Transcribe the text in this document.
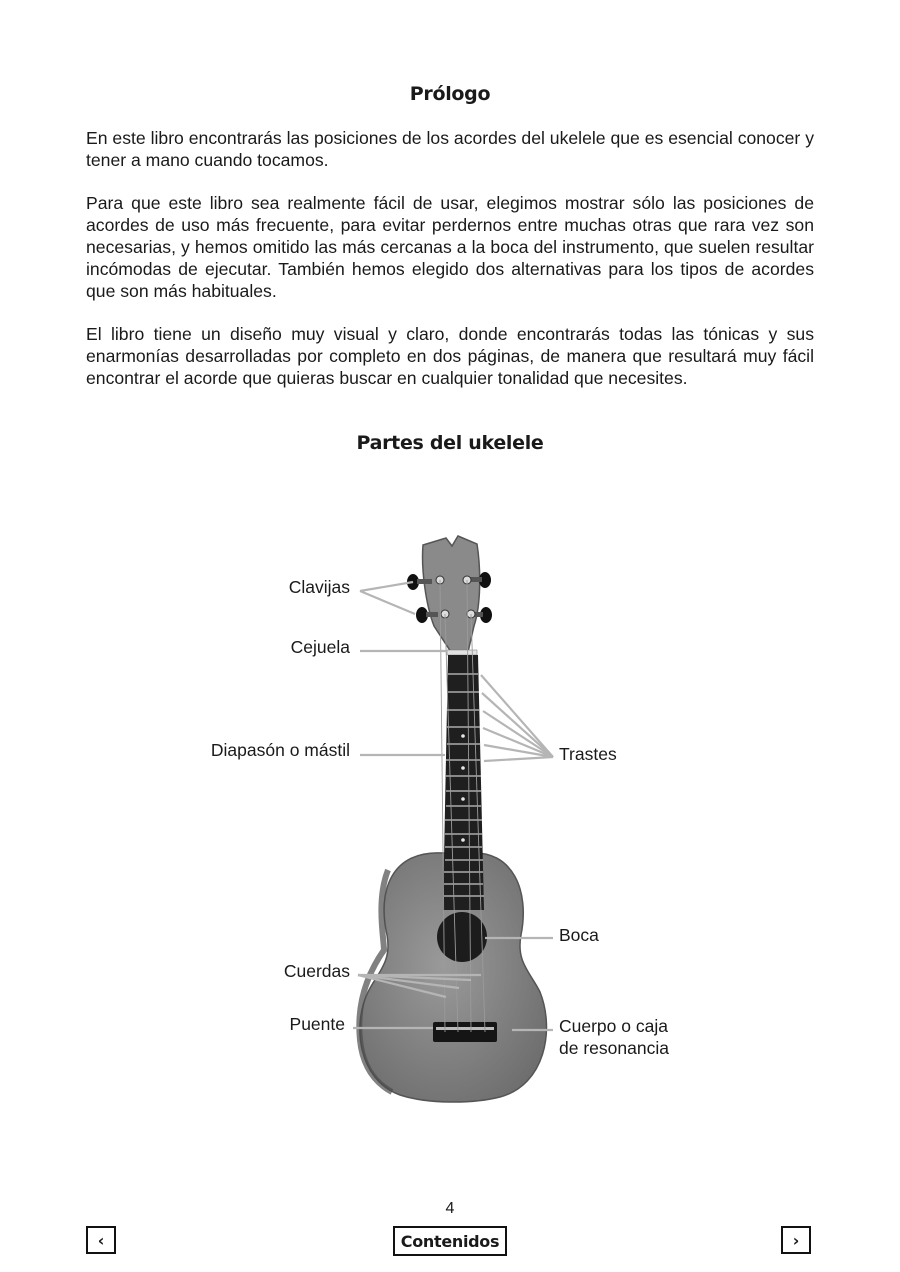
Prólogo

En este libro encontrarás las posiciones de los acordes del ukelele que es esencial conocer y tener a mano cuando tocamos.

Para que este libro sea realmente fácil de usar, elegimos mostrar sólo las posiciones de acordes de uso más frecuente, para evitar perdernos entre muchas otras que rara vez son necesarias, y hemos omitido las más cercanas a la boca del instrumento, que suelen resultar incómodas de ejecutar. También hemos elegido dos alternativas para los tipos de acordes que son más habituales.

El libro tiene un diseño muy visual y claro, donde encontrarás todas las tónicas y sus enarmonías desarrolladas por completo en dos páginas, de manera que resultará muy fácil encontrar el acorde que quieras buscar en cualquier tonalidad que necesites.

Partes del ukelele
Clavijas
Cejuela
Diapasón o mástil	Trastes
Boca
Cuerdas
Puente	Cuerpo o caja
de resonancia
4
‹	Contenidos	›
